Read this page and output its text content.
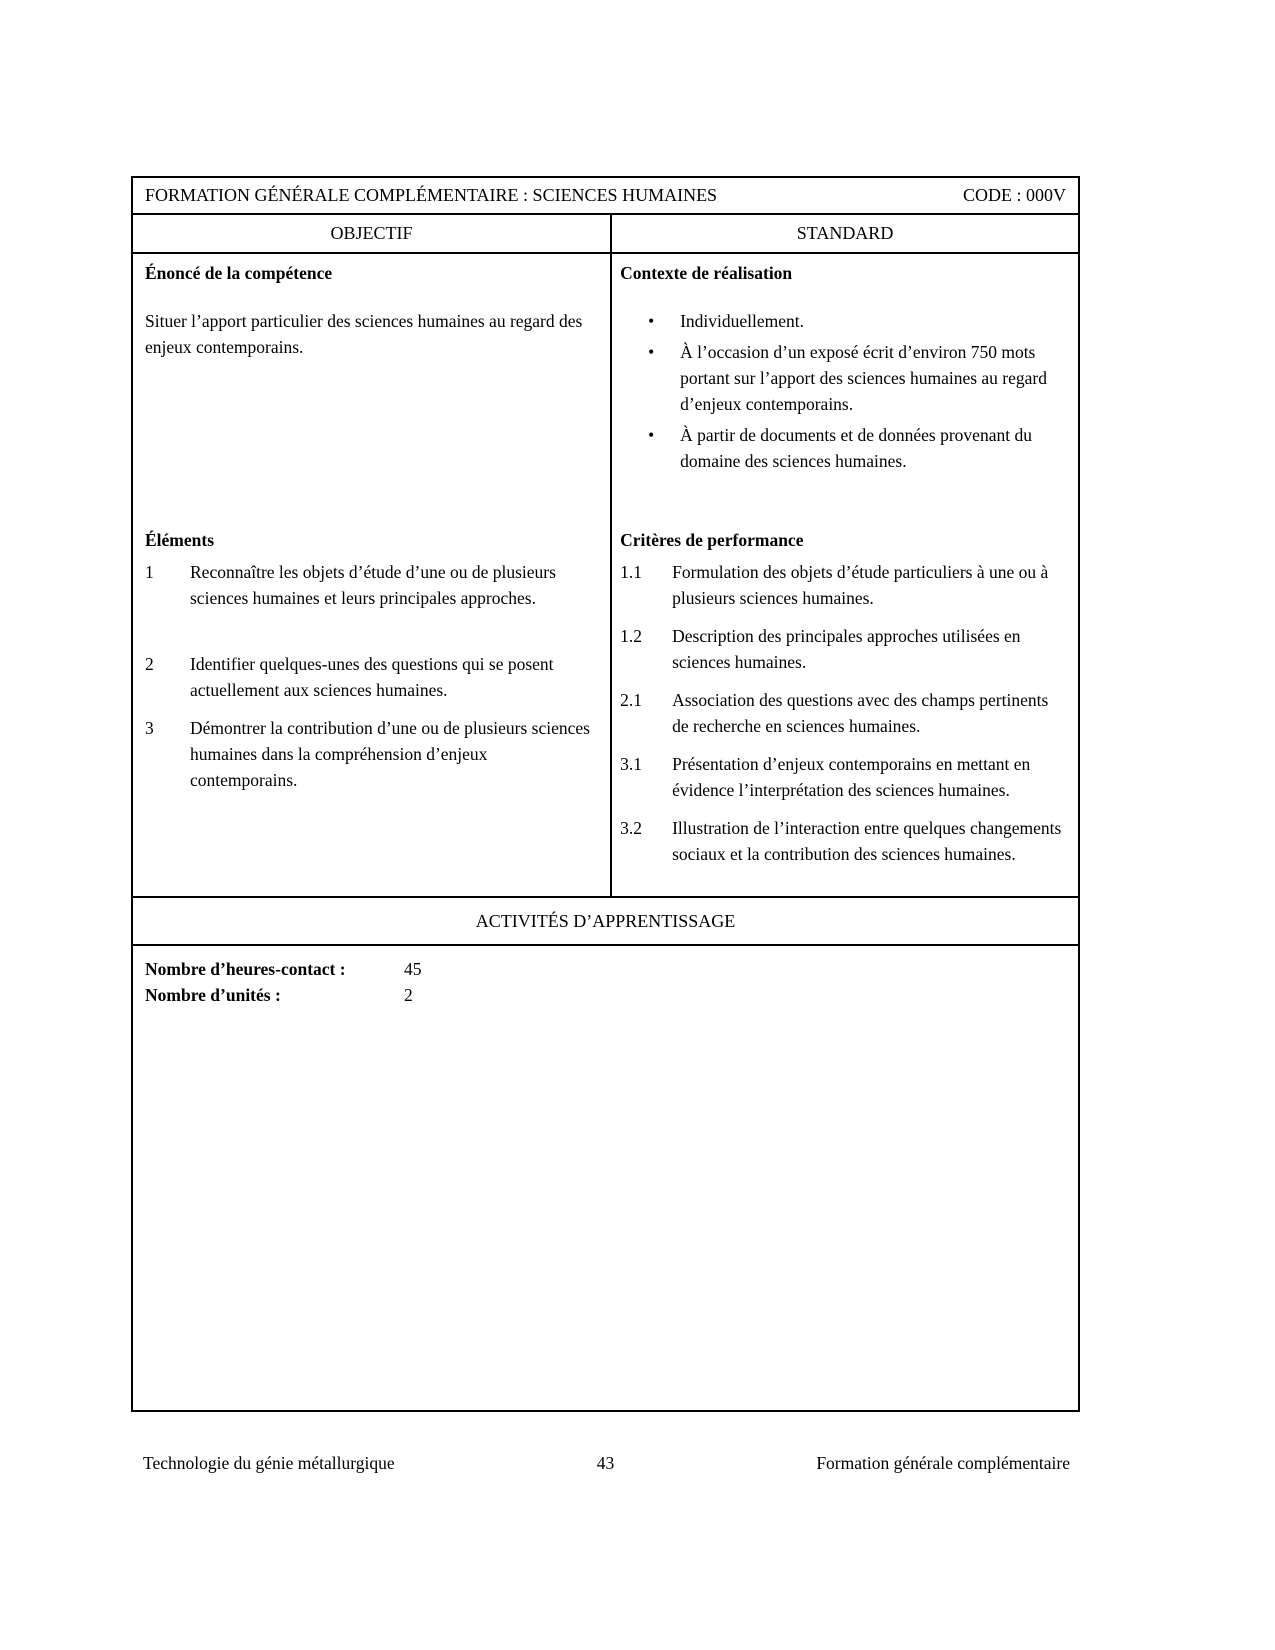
FORMATION GÉNÉRALE COMPLÉMENTAIRE : SCIENCES HUMAINES	CODE : 000V
OBJECTIF	STANDARD
Énoncé de la compétence
Situer l’apport particulier des sciences humaines au regard des enjeux contemporains.
Éléments
1 Reconnaître les objets d’étude d’une ou de plusieurs sciences humaines et leurs principales approches.
2 Identifier quelques-unes des questions qui se posent actuellement aux sciences humaines.
3 Démontrer la contribution d’une ou de plusieurs sciences humaines dans la compréhension d’enjeux contemporains.
Contexte de réalisation
• Individuellement.
• À l’occasion d’un exposé écrit d’environ 750 mots portant sur l’apport des sciences humaines au regard d’enjeux contemporains.
• À partir de documents et de données provenant du domaine des sciences humaines.
Critères de performance
1.1 Formulation des objets d’étude particuliers à une ou à plusieurs sciences humaines.
1.2 Description des principales approches utilisées en sciences humaines.
2.1 Association des questions avec des champs pertinents de recherche en sciences humaines.
3.1 Présentation d’enjeux contemporains en mettant en évidence l’interprétation des sciences humaines.
3.2 Illustration de l’interaction entre quelques changements sociaux et la contribution des sciences humaines.
ACTIVITÉS D’APPRENTISSAGE
Nombre d’heures-contact :	45
Nombre d’unités :	2
Technologie du génie métallurgique	43	Formation générale complémentaire
